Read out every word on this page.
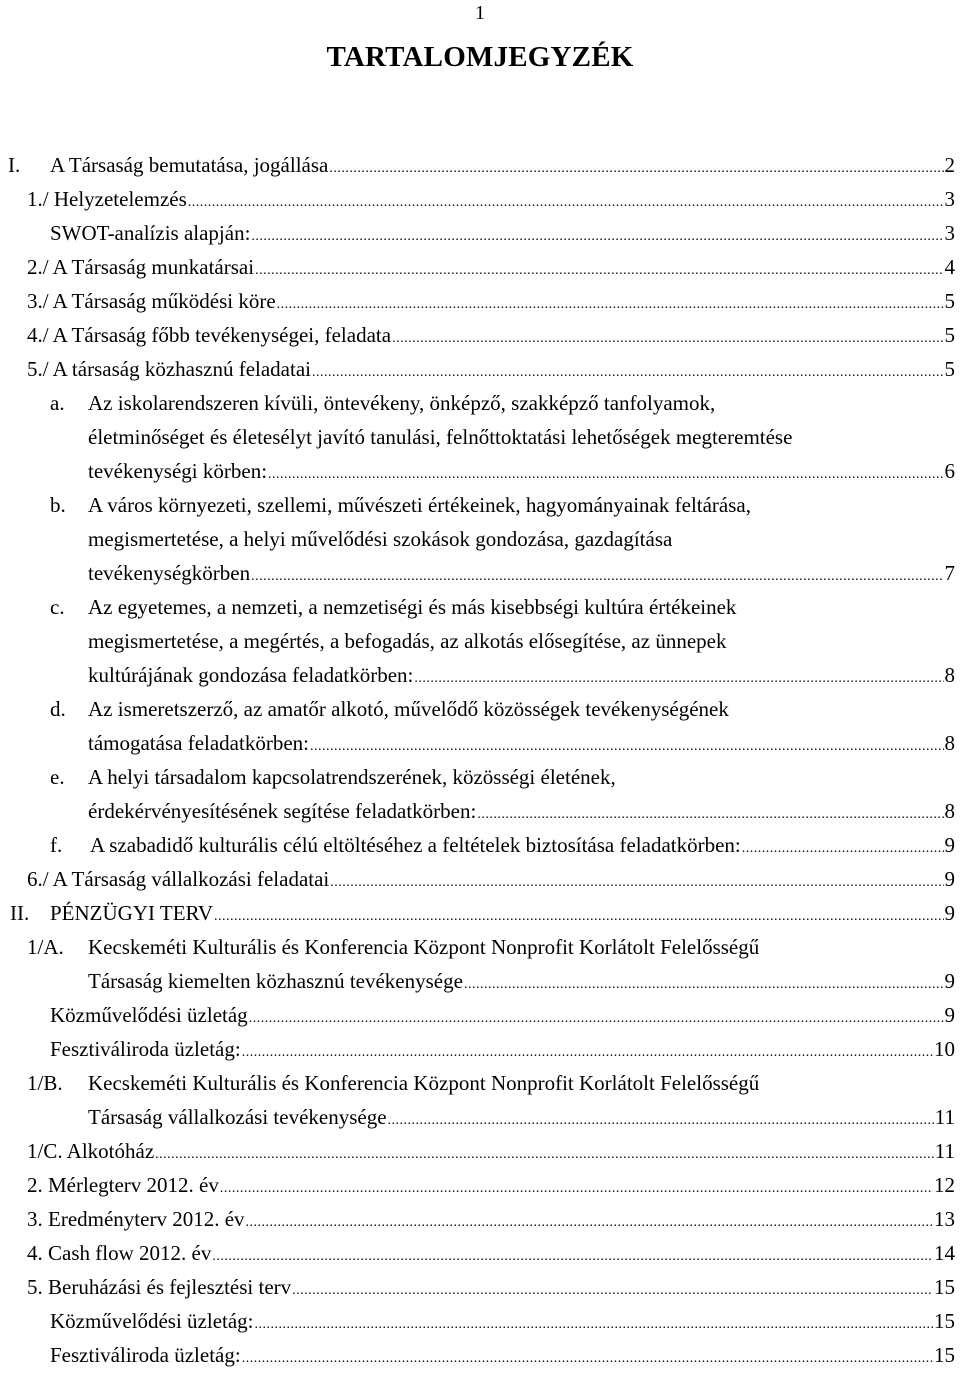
1
TARTALOMJEGYZÉK
I. A Társaság bemutatása, jogállása .....	2
1./ Helyzetelemzés .....	3
SWOT-analízis alapján: .....	3
2./ A Társaság munkatársai .....	4
3./ A Társaság működési köre .....	5
4./ A Társaság főbb tevékenységei, feladata .....	5
5./ A társaság közhasznú feladatai .....	5
a. Az iskolarendszeren kívüli, öntevékeny, önképző, szakképző tanfolyamok,
életminőséget és életesélyt javító tanulási, felnőttoktatási lehetőségek megteremtése
tevékenységi körben: .....	6
b. A város környezeti, szellemi, művészeti értékeinek, hagyományainak feltárása,
megismertetése, a helyi művelődési szokások gondozása, gazdagítása
tevékenységkörben .....	7
c. Az egyetemes, a nemzeti, a nemzetiségi és más kisebbségi kultúra értékeinek
megismertetése, a megértés, a befogadás, az alkotás elősegítése, az ünnepek
kultúrájának gondozása feladatkörben: .....	8
d. Az ismeretszerző, az amatőr alkotó, művelődő közösségek tevékenységének
támogatása feladatkörben: .....	8
e. A helyi társadalom kapcsolatrendszerének, közösségi életének,
érdekérvényesítésének segítése feladatkörben: .....	8
f. A szabadidő kulturális célú eltöltéséhez a feltételek biztosítása feladatkörben: .....	9
6./ A Társaság vállalkozási feladatai .....	9
II. PÉNZÜGYI TERV .....	9
1/A. Kecskeméti Kulturális és Konferencia Központ Nonprofit Korlátolt Felelősségű
Társaság kiemelten közhasznú tevékenysége .....	9
Közművelődési üzletág .....	9
Fesztiváliroda üzletág: .....	10
1/B. Kecskeméti Kulturális és Konferencia Központ Nonprofit Korlátolt Felelősségű
Társaság vállalkozási tevékenysége .....	11
1/C. Alkotóház .....	11
2. Mérlegterv 2012. év .....	12
3. Eredményterv 2012. év .....	13
4. Cash flow 2012. év .....	14
5. Beruházási és fejlesztési terv .....	15
Közművelődési üzletág: .....	15
Fesztiváliroda üzletág: .....	15
